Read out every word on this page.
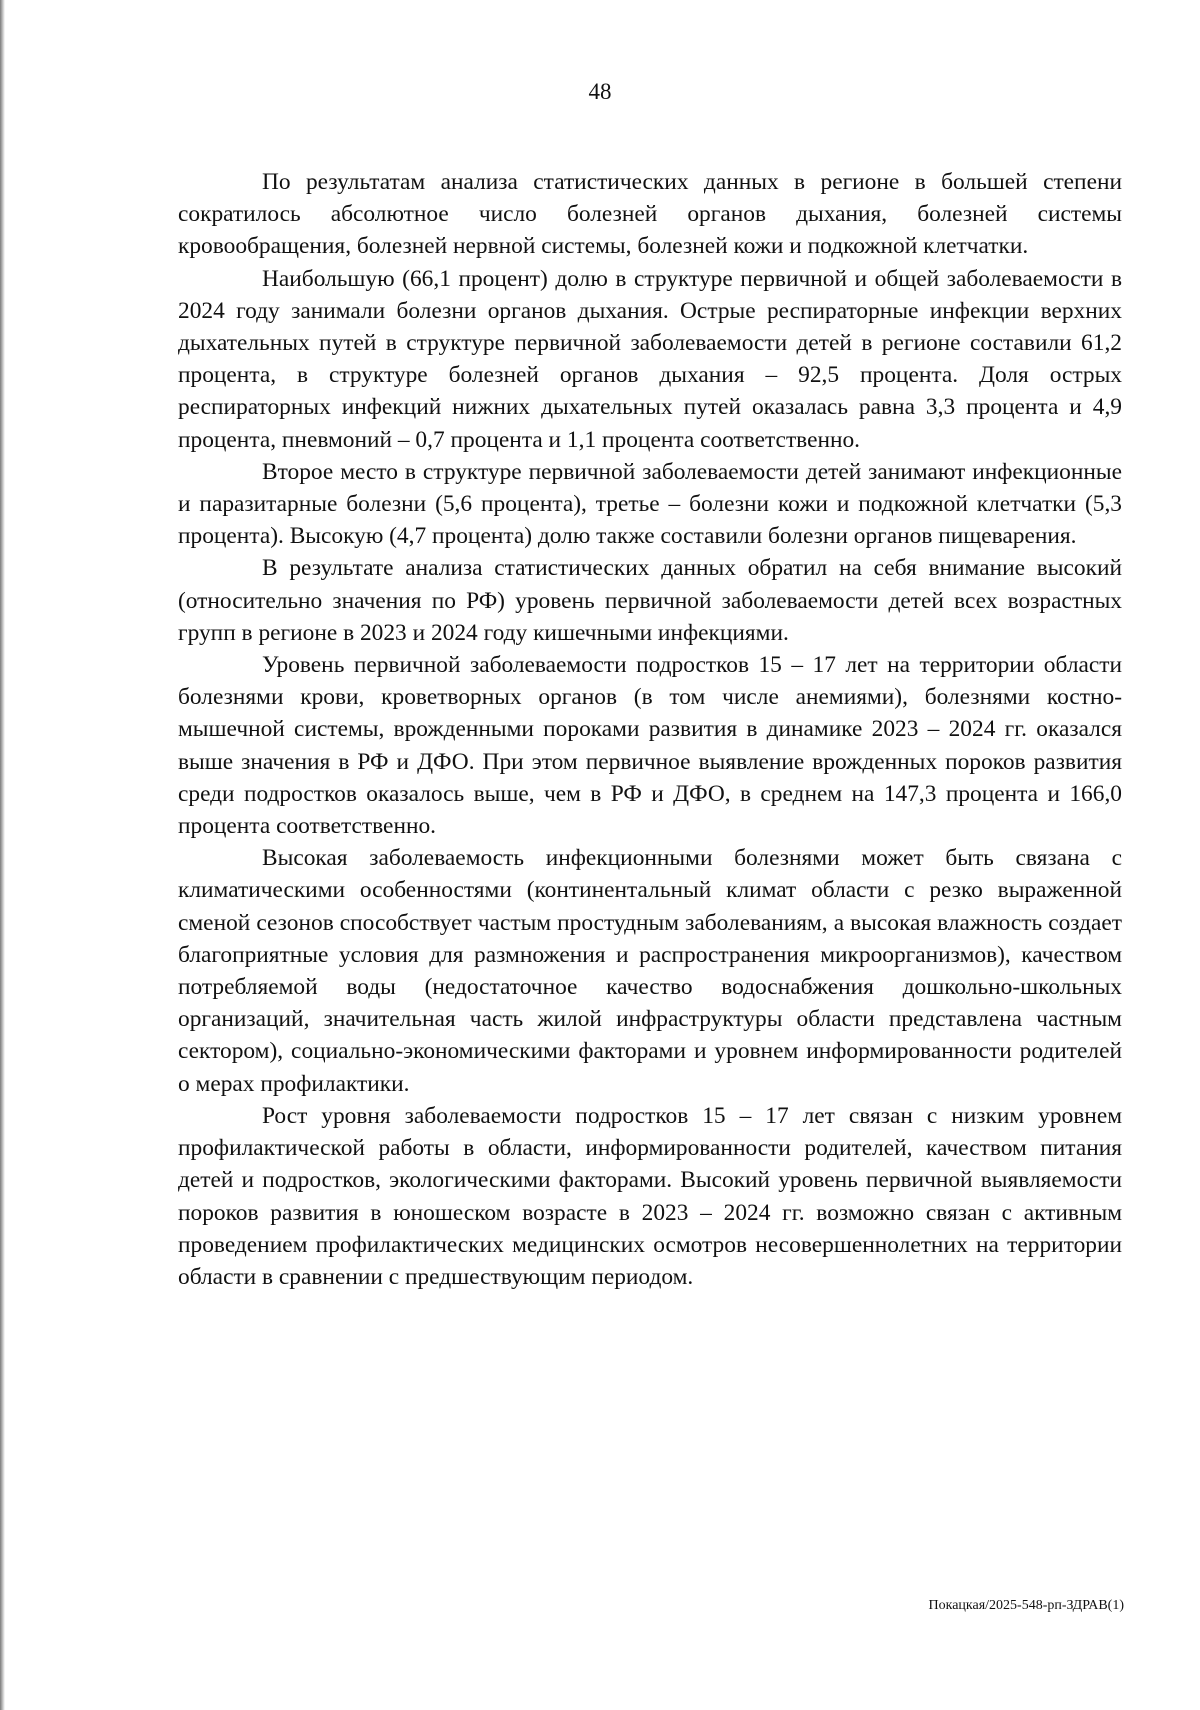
48

По результатам анализа статистических данных в регионе в большей степени сократилось абсолютное число болезней органов дыхания, болезней системы кровообращения, болезней нервной системы, болезней кожи и подкожной клетчатки.

Наибольшую (66,1 процент) долю в структуре первичной и общей заболеваемости в 2024 году занимали болезни органов дыхания. Острые респираторные инфекции верхних дыхательных путей в структуре первичной заболеваемости детей в регионе составили 61,2 процента, в структуре болезней органов дыхания – 92,5 процента. Доля острых респираторных инфекций нижних дыхательных путей оказалась равна 3,3 процента и 4,9 процента, пневмоний – 0,7 процента и 1,1 процента соответственно.

Второе место в структуре первичной заболеваемости детей занимают инфекционные и паразитарные болезни (5,6 процента), третье – болезни кожи и подкожной клетчатки (5,3 процента). Высокую (4,7 процента) долю также составили болезни органов пищеварения.

В результате анализа статистических данных обратил на себя внимание высокий (относительно значения по РФ) уровень первичной заболеваемости детей всех возрастных групп в регионе в 2023 и 2024 году кишечными инфекциями.

Уровень первичной заболеваемости подростков 15 – 17 лет на территории области болезнями крови, кроветворных органов (в том числе анемиями), болезнями костно-мышечной системы, врожденными пороками развития в динамике 2023 – 2024 гг. оказался выше значения в РФ и ДФО. При этом первичное выявление врожденных пороков развития среди подростков оказалось выше, чем в РФ и ДФО, в среднем на 147,3 процента и 166,0 процента соответственно.

Высокая заболеваемость инфекционными болезнями может быть связана с климатическими особенностями (континентальный климат области с резко выраженной сменой сезонов способствует частым простудным заболеваниям, а высокая влажность создает благоприятные условия для размножения и распространения микроорганизмов), качеством потребляемой воды (недостаточное качество водоснабжения дошкольно-школьных организаций, значительная часть жилой инфраструктуры области представлена частным сектором), социально-экономическими факторами и уровнем информированности родителей о мерах профилактики.

Рост уровня заболеваемости подростков 15 – 17 лет связан с низким уровнем профилактической работы в области, информированности родителей, качеством питания детей и подростков, экологическими факторами. Высокий уровень первичной выявляемости пороков развития в юношеском возрасте в 2023 – 2024 гг. возможно связан с активным проведением профилактических медицинских осмотров несовершеннолетних на территории области в сравнении с предшествующим периодом.

Покацкая/2025-548-рп-ЗДРАВ(1)
